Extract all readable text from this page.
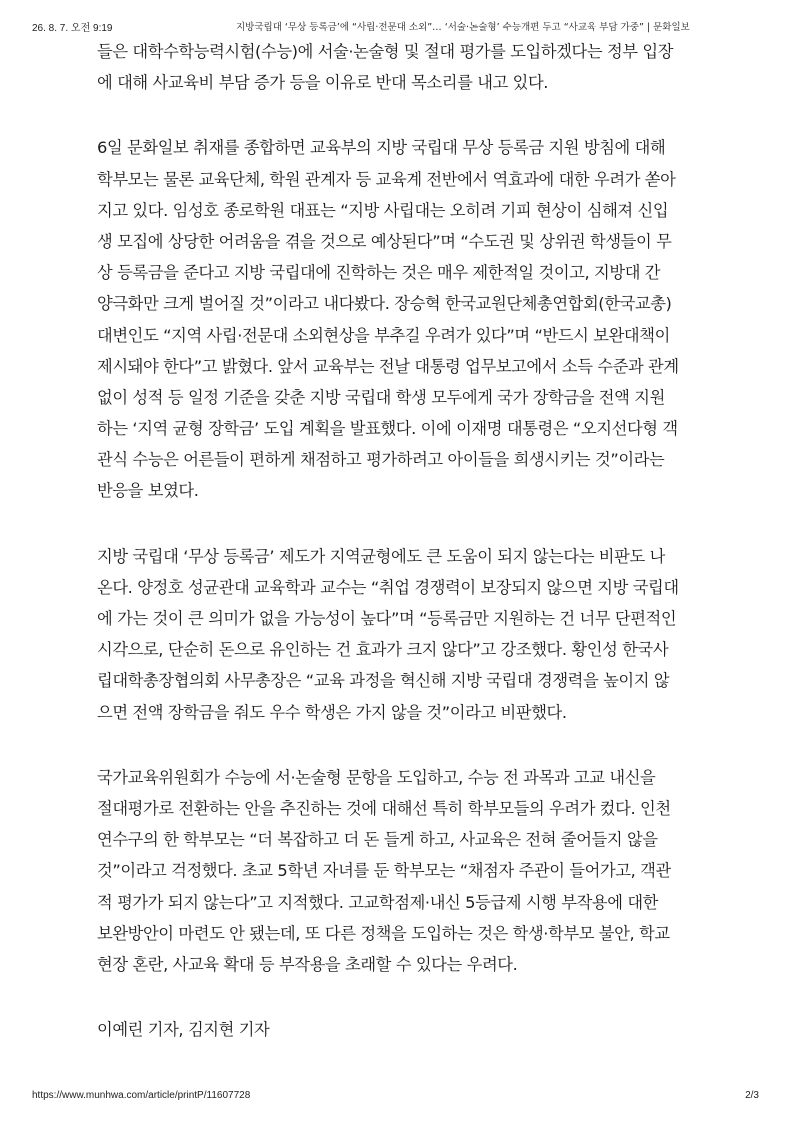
26. 8. 7. 오전 9:19	지방국립대 ‘무상 등록금’에 “사립·전문대 소외”… ‘서술·논술형’ 수능개편 두고 “사교육 부담 가중” | 문화일보
들은 대학수학능력시험(수능)에 서술·논술형 및 절대 평가를 도입하겠다는 정부 입장
에 대해 사교육비 부담 증가 등을 이유로 반대 목소리를 내고 있다.
6일 문화일보 취재를 종합하면 교육부의 지방 국립대 무상 등록금 지원 방침에 대해
학부모는 물론 교육단체, 학원 관계자 등 교육계 전반에서 역효과에 대한 우려가 쏟아
지고 있다. 임성호 종로학원 대표는 “지방 사립대는 오히려 기피 현상이 심해져 신입
생 모집에 상당한 어려움을 겪을 것으로 예상된다”며 “수도권 및 상위권 학생들이 무
상 등록금을 준다고 지방 국립대에 진학하는 것은 매우 제한적일 것이고, 지방대 간
양극화만 크게 벌어질 것”이라고 내다봤다. 장승혁 한국교원단체총연합회(한국교총)
대변인도 “지역 사립·전문대 소외현상을 부추길 우려가 있다”며 “반드시 보완대책이
제시돼야 한다”고 밝혔다. 앞서 교육부는 전날 대통령 업무보고에서 소득 수준과 관계
없이 성적 등 일정 기준을 갖춘 지방 국립대 학생 모두에게 국가 장학금을 전액 지원
하는 ‘지역 균형 장학금’ 도입 계획을 발표했다. 이에 이재명 대통령은 “오지선다형 객
관식 수능은 어른들이 편하게 채점하고 평가하려고 아이들을 희생시키는 것”이라는
반응을 보였다.
지방 국립대 ‘무상 등록금’ 제도가 지역균형에도 큰 도움이 되지 않는다는 비판도 나
온다. 양정호 성균관대 교육학과 교수는 “취업 경쟁력이 보장되지 않으면 지방 국립대
에 가는 것이 큰 의미가 없을 가능성이 높다”며 “등록금만 지원하는 건 너무 단편적인
시각으로, 단순히 돈으로 유인하는 건 효과가 크지 않다”고 강조했다. 황인성 한국사
립대학총장협의회 사무총장은 “교육 과정을 혁신해 지방 국립대 경쟁력을 높이지 않
으면 전액 장학금을 줘도 우수 학생은 가지 않을 것”이라고 비판했다.
국가교육위원회가 수능에 서·논술형 문항을 도입하고, 수능 전 과목과 고교 내신을
절대평가로 전환하는 안을 추진하는 것에 대해선 특히 학부모들의 우려가 컸다. 인천
연수구의 한 학부모는 “더 복잡하고 더 돈 들게 하고, 사교육은 전혀 줄어들지 않을
것”이라고 걱정했다. 초교 5학년 자녀를 둔 학부모는 “채점자 주관이 들어가고, 객관
적 평가가 되지 않는다”고 지적했다. 고교학점제·내신 5등급제 시행 부작용에 대한
보완방안이 마련도 안 됐는데, 또 다른 정책을 도입하는 것은 학생·학부모 불안, 학교
현장 혼란, 사교육 확대 등 부작용을 초래할 수 있다는 우려다.
이예린 기자, 김지현 기자
https://www.munhwa.com/article/printP/11607728	2/3
